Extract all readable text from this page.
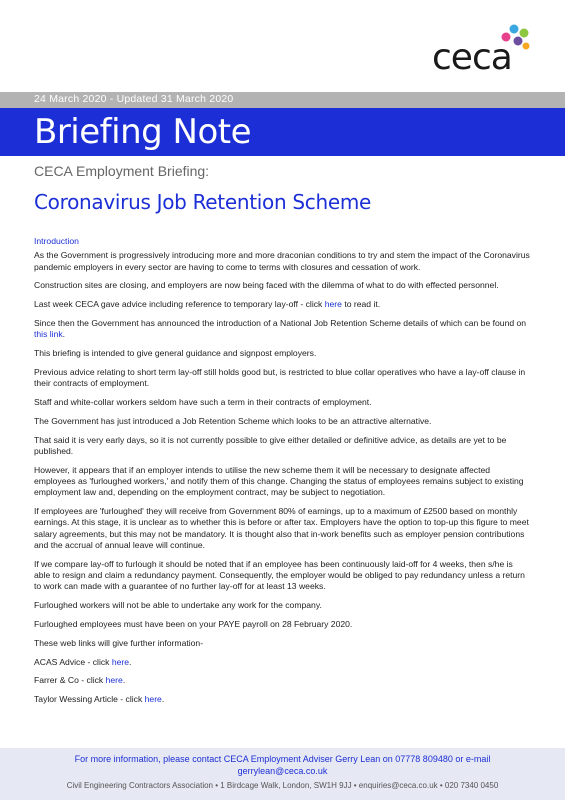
ceca
24 March 2020 - Updated 31 March 2020
Briefing Note
CECA Employment Briefing:
Coronavirus Job Retention Scheme

Introduction

As the Government is progressively introducing more and more draconian conditions to try and stem the impact of the Coronavirus pandemic employers in every sector are having to come to terms with closures and cessation of work.

Construction sites are closing, and employers are now being faced with the dilemma of what to do with effected personnel.

Last week CECA gave advice including reference to temporary lay-off - click here to read it.

Since then the Government has announced the introduction of a National Job Retention Scheme details of which can be found on this link.

This briefing is intended to give general guidance and signpost employers.

Previous advice relating to short term lay-off still holds good but, is restricted to blue collar operatives who have a lay-off clause in their contracts of employment.

Staff and white-collar workers seldom have such a term in their contracts of employment.

The Government has just introduced a Job Retention Scheme which looks to be an attractive alternative.

That said it is very early days, so it is not currently possible to give either detailed or definitive advice, as details are yet to be published.

However, it appears that if an employer intends to utilise the new scheme them it will be necessary to designate affected employees as 'furloughed workers,' and notify them of this change. Changing the status of employees remains subject to existing employment law and, depending on the employment contract, may be subject to negotiation.

If employees are 'furloughed' they will receive from Government 80% of earnings, up to a maximum of £2500 based on monthly earnings. At this stage, it is unclear as to whether this is before or after tax. Employers have the option to top-up this figure to meet salary agreements, but this may not be mandatory. It is thought also that in-work benefits such as employer pension contributions and the accrual of annual leave will continue.

If we compare lay-off to furlough it should be noted that if an employee has been continuously laid-off for 4 weeks, then s/he is able to resign and claim a redundancy payment. Consequently, the employer would be obliged to pay redundancy unless a return to work can made with a guarantee of no further lay-off for at least 13 weeks.

Furloughed workers will not be able to undertake any work for the company.

Furloughed employees must have been on your PAYE payroll on 28 February 2020.

These web links will give further information-

ACAS Advice - click here.

Farrer & Co - click here.

Taylor Wessing Article - click here.

For more information, please contact CECA Employment Adviser Gerry Lean on 07778 809480 or e-mail
gerrylean@ceca.co.uk
Civil Engineering Contractors Association • 1 Birdcage Walk, London, SW1H 9JJ • enquiries@ceca.co.uk • 020 7340 0450
